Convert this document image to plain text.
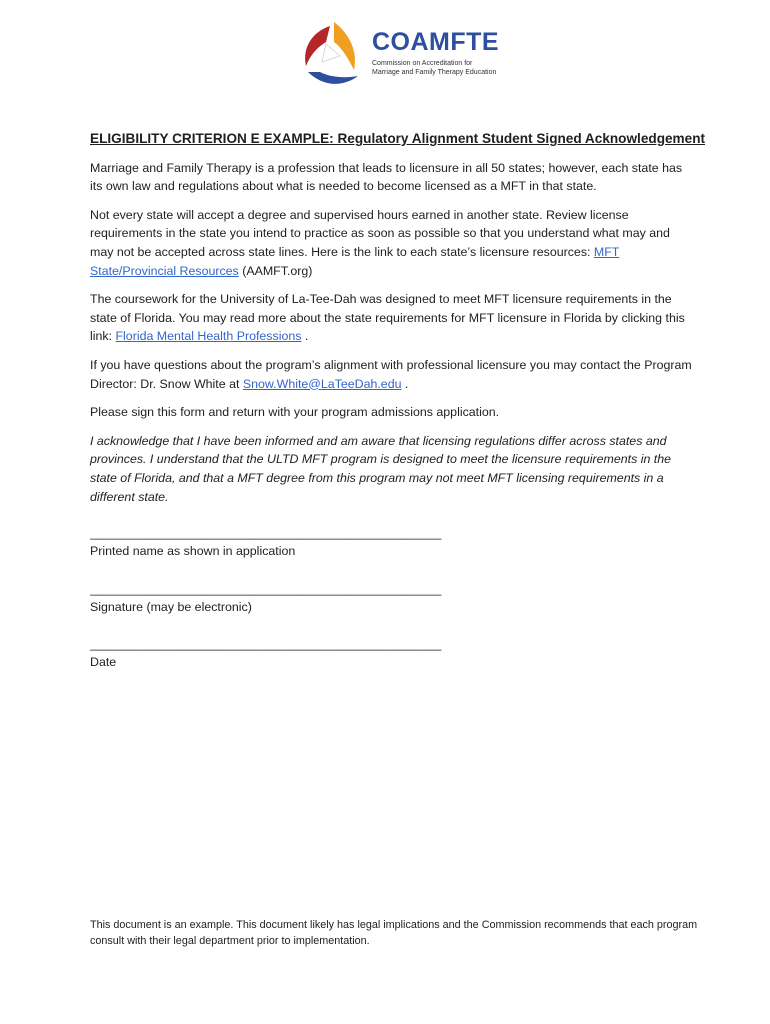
COAMFTE
Commission on Accreditation for
Marriage and Family Therapy Education
ELIGIBILITY CRITERION E EXAMPLE: Regulatory Alignment Student Signed Acknowledgement

Marriage and Family Therapy is a profession that leads to licensure in all 50 states; however, each state has its own law and regulations about what is needed to become licensed as a MFT in that state.

Not every state will accept a degree and supervised hours earned in another state. Review license requirements in the state you intend to practice as soon as possible so that you understand what may and may not be accepted across state lines. Here is the link to each state’s licensure resources: MFT State/Provincial Resources (AAMFT.org)

The coursework for the University of La-Tee-Dah was designed to meet MFT licensure requirements in the state of Florida. You may read more about the state requirements for MFT licensure in Florida by clicking this link: Florida Mental Health Professions .

If you have questions about the program’s alignment with professional licensure you may contact the Program Director: Dr. Snow White at Snow.White@LaTeeDah.edu .

Please sign this form and return with your program admissions application.

I acknowledge that I have been informed and am aware that licensing regulations differ across states and provinces. I understand that the ULTD MFT program is designed to meet the licensure requirements in the state of Florida, and that a MFT degree from this program may not meet MFT licensing requirements in a different state.

___________________________________________________
Printed name as shown in application
___________________________________________________
Signature (may be electronic)
___________________________________________________
Date
This document is an example. This document likely has legal implications and the Commission recommends that each program consult with their legal department prior to implementation.
